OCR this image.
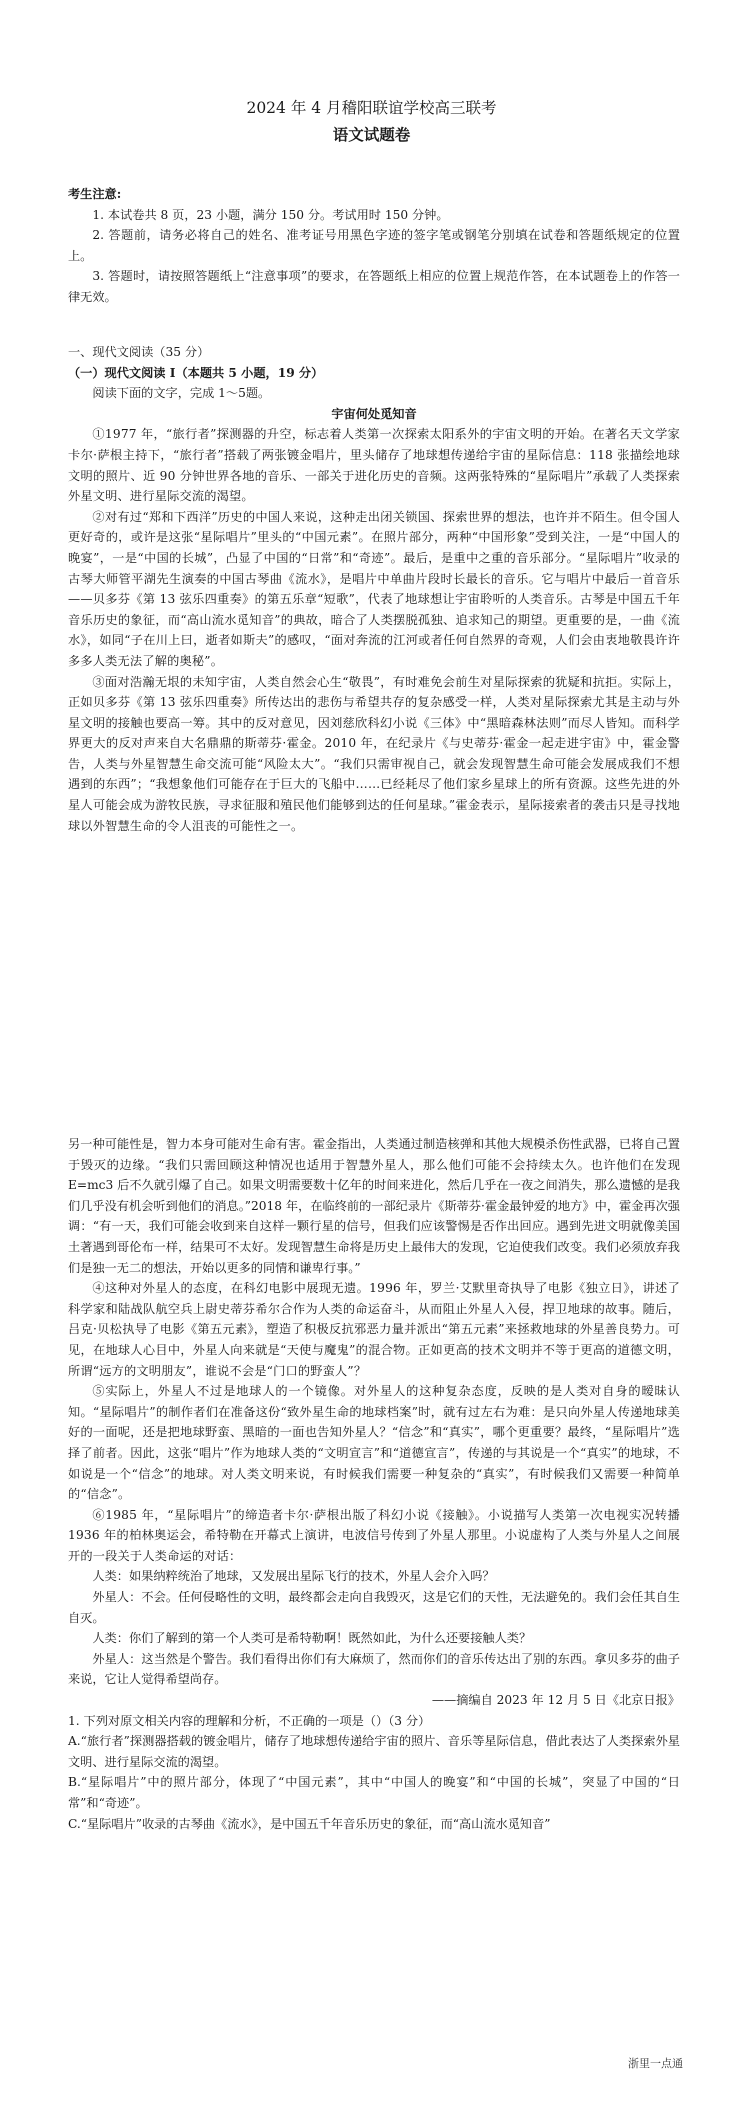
2024 年 4 月稽阳联谊学校高三联考
语文试题卷
考生注意:
1. 本试卷共 8 页，23 小题，满分 150 分。考试用时 150 分钟。
2. 答题前，请务必将自己的姓名、准考证号用黑色字迹的签字笔或钢笔分别填在试卷和答题纸规定的位置上。
3. 答题时，请按照答题纸上“注意事项”的要求，在答题纸上相应的位置上规范作答，在本试题卷上的作答一律无效。
一、现代文阅读（35 分）
（一）现代文阅读 I（本题共 5 小题，19 分）
阅读下面的文字，完成 1～5题。
宇宙何处觅知音
①1977 年，“旅行者”探测器的升空，标志着人类第一次探索太阳系外的宇宙文明的开始。在著名天文学家卡尔·萨根主持下，“旅行者”搭载了两张镀金唱片，里头储存了地球想传递给宇宙的星际信息：118 张描绘地球文明的照片、近 90 分钟世界各地的音乐、一部关于进化历史的音频。这两张特殊的“星际唱片”承载了人类探索外星文明、进行星际交流的渴望。
②对有过“郑和下西洋”历史的中国人来说，这种走出闭关锁国、探索世界的想法，也许并不陌生。但令国人更好奇的，或许是这张“星际唱片”里头的“中国元素”。在照片部分，两种“中国形象”受到关注，一是“中国人的晚宴”，一是“中国的长城”，凸显了中国的“日常”和“奇迹”。最后，是重中之重的音乐部分。“星际唱片”收录的古琴大师管平湖先生演奏的中国古琴曲《流水》，是唱片中单曲片段时长最长的音乐。它与唱片中最后一首音乐——贝多芬《第 13 弦乐四重奏》的第五乐章“短歌”，代表了地球想让宇宙聆听的人类音乐。古琴是中国五千年音乐历史的象征，而“高山流水觅知音”的典故，暗合了人类摆脱孤独、追求知己的期望。更重要的是，一曲《流水》，如同“子在川上曰，逝者如斯夫”的感叹，“面对奔流的江河或者任何自然界的奇观，人们会由衷地敬畏许许多多人类无法了解的奥秘”。
③面对浩瀚无垠的未知宇宙，人类自然会心生“敬畏”，有时难免会前生对星际探索的犹疑和抗拒。实际上，正如贝多芬《第 13 弦乐四重奏》所传达出的悲伤与希望共存的复杂感受一样，人类对星际探索尤其是主动与外星文明的接触也要高一筹。其中的反对意见，因刘慈欣科幻小说《三体》中“黑暗森林法则”而尽人皆知。而科学界更大的反对声来自大名鼎鼎的斯蒂芬·霍金。2010 年，在纪录片《与史蒂芬·霍金一起走进宇宙》中，霍金警告，人类与外星智慧生命交流可能“风险太大”。“我们只需审视自己，就会发现智慧生命可能会发展成我们不想遇到的东西”；“我想象他们可能存在于巨大的飞船中……已经耗尽了他们家乡星球上的所有资源。这些先进的外星人可能会成为游牧民族，寻求征服和殖民他们能够到达的任何星球。”霍金表示，星际接索者的袭击只是寻找地球以外智慧生命的令人沮丧的可能性之一。
另一种可能性是，智力本身可能对生命有害。霍金指出，人类通过制造核弹和其他大规模杀伤性武器，已将自己置于毁灭的边缘。“我们只需回顾这种情况也适用于智慧外星人，那么他们可能不会持续太久。也许他们在发现 E=mc3 后不久就引爆了自己。如果文明需要数十亿年的时间来进化，然后几乎在一夜之间消失，那么遗憾的是我们几乎没有机会听到他们的消息。”2018 年，在临终前的一部纪录片《斯蒂芬·霍金最钟爱的地方》中，霍金再次强调：“有一天，我们可能会收到来自这样一颗行星的信号，但我们应该警惕是否作出回应。遇到先进文明就像美国土著遇到哥伦布一样，结果可不太好。发现智慧生命将是历史上最伟大的发现，它迫使我们改变。我们必须放弃我们是独一无二的想法，开始以更多的同情和谦卑行事。”
④这种对外星人的态度，在科幻电影中展现无遗。1996 年，罗兰·艾默里奇执导了电影《独立日》，讲述了科学家和陆战队航空兵上尉史蒂芬希尔合作为人类的命运奋斗，从而阻止外星人入侵，捍卫地球的故事。随后，吕克·贝松执导了电影《第五元素》，塑造了积极反抗邪恶力量并派出“第五元素”来拯救地球的外星善良势力。可见，在地球人心目中，外星人向来就是“天使与魔鬼”的混合物。正如更高的技术文明并不等于更高的道德文明，所谓“远方的文明朋友”，谁说不会是“门口的野蛮人”？
⑤实际上，外星人不过是地球人的一个镜像。对外星人的这种复杂态度，反映的是人类对自身的暧昧认知。“星际唱片”的制作者们在准备这份“致外星生命的地球档案”时，就有过左右为难：是只向外星人传递地球美好的一面呢，还是把地球野蛮、黑暗的一面也告知外星人？“信念”和“真实”，哪个更重要？最终，“星际唱片”选择了前者。因此，这张“唱片”作为地球人类的“文明宣言”和“道德宣言”，传递的与其说是一个“真实”的地球，不如说是一个“信念”的地球。对人类文明来说，有时候我们需要一种复杂的“真实”，有时候我们又需要一种简单的“信念”。
⑥1985 年，“星际唱片”的缔造者卡尔·萨根出版了科幻小说《接触》。小说描写人类第一次电视实况转播 1936 年的柏林奥运会，希特勒在开幕式上演讲，电波信号传到了外星人那里。小说虚构了人类与外星人之间展开的一段关于人类命运的对话：
人类：如果纳粹统治了地球，又发展出星际飞行的技术，外星人会介入吗？
外星人：不会。任何侵略性的文明，最终都会走向自我毁灭，这是它们的天性，无法避免的。我们会任其自生自灭。
人类：你们了解到的第一个人类可是希特勒啊！既然如此，为什么还要接触人类？
外星人：这当然是个警告。我们看得出你们有大麻烦了，然而你们的音乐传达出了别的东西。拿贝多芬的曲子来说，它让人觉得希望尚存。
——摘编自 2023 年 12 月 5 日《北京日报》
1. 下列对原文相关内容的理解和分析，不正确的一项是（）（3 分）
A.“旅行者”探测器搭载的镀金唱片，储存了地球想传递给宇宙的照片、音乐等星际信息，借此表达了人类探索外星文明、进行星际交流的渴望。
B.“星际唱片”中的照片部分，体现了“中国元素”，其中“中国人的晚宴”和“中国的长城”，突显了中国的“日常”和“奇迹”。
C.“星际唱片”收录的古琴曲《流水》，是中国五千年音乐历史的象征，而“高山流水觅知音”
浙里一点通
